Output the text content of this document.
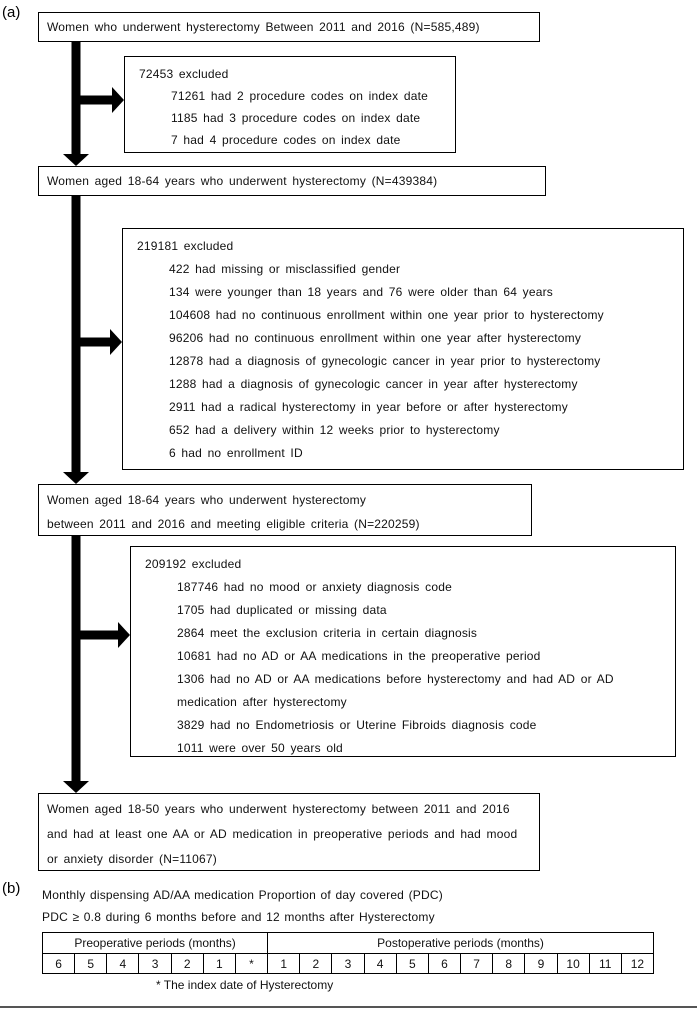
(a)
Women who underwent hysterectomy Between 2011 and 2016 (N=585,489)
72453 excluded
71261 had 2 procedure codes on index date
1185 had 3 procedure codes on index date
7 had 4 procedure codes on index date
Women aged 18-64 years who underwent hysterectomy (N=439384)
219181 excluded
422 had missing or misclassified gender
134 were younger than 18 years and 76 were older than 64 years
104608 had no continuous enrollment within one year prior to hysterectomy
96206 had no continuous enrollment within one year after hysterectomy
12878 had a diagnosis of gynecologic cancer in year prior to hysterectomy
1288 had a diagnosis of gynecologic cancer in year after hysterectomy
2911 had a radical hysterectomy in year before or after hysterectomy
652 had a delivery within 12 weeks prior to hysterectomy
6 had no enrollment ID
Women aged 18-64 years who underwent hysterectomy
between 2011 and 2016 and meeting eligible criteria (N=220259)
209192 excluded
187746 had no mood or anxiety diagnosis code
1705 had duplicated or missing data
2864 meet the exclusion criteria in certain diagnosis
10681 had no AD or AA medications in the preoperative period
1306 had no AD or AA medications before hysterectomy and had AD or AD medication after hysterectomy
3829 had no Endometriosis or Uterine Fibroids diagnosis code
1011 were over 50 years old
Women aged 18-50 years who underwent hysterectomy between 2011 and 2016 and had at least one AA or AD medication in preoperative periods and had mood or anxiety disorder (N=11067)
(b) Monthly dispensing AD/AA medication Proportion of day covered (PDC)
PDC ≥ 0.8 during 6 months before and 12 months after Hysterectomy
Preoperative periods (months)							Postoperative periods (months)											
6	5	4	3	2	1	*	1	2	3	4	5	6	7	8	9	10	11	12
* The index date of Hysterectomy
